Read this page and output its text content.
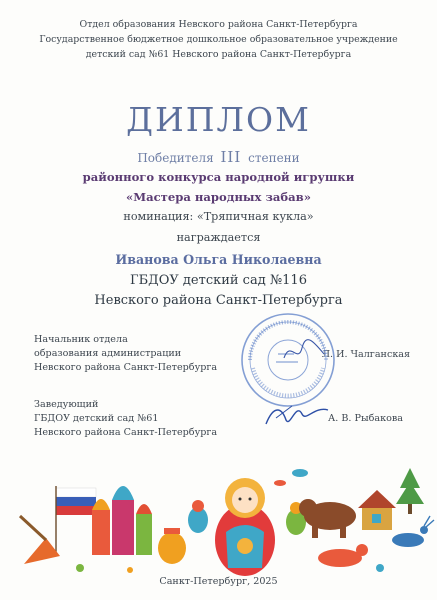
Отдел образования Невского района Санкт-Петербурга
Государственное бюджетное дошкольное образовательное учреждение
детский сад №61 Невского района Санкт-Петербурга
ДИПЛОМ
Победителя III степени
районного конкурса народной игрушки
«Мастера народных забав»
номинация: «Тряпичная кукла»
награждается
Иванова Ольга Николаевна
ГБДОУ детский сад №116
Невского района Санкт-Петербурга
Начальник отдела
образования администрации
Невского района Санкт-Петербурга
Л. И. Чалганская
Заведующий
ГБДОУ детский сад №61
Невского района Санкт-Петербурга
А. В. Рыбакова
Санкт-Петербург, 2025
